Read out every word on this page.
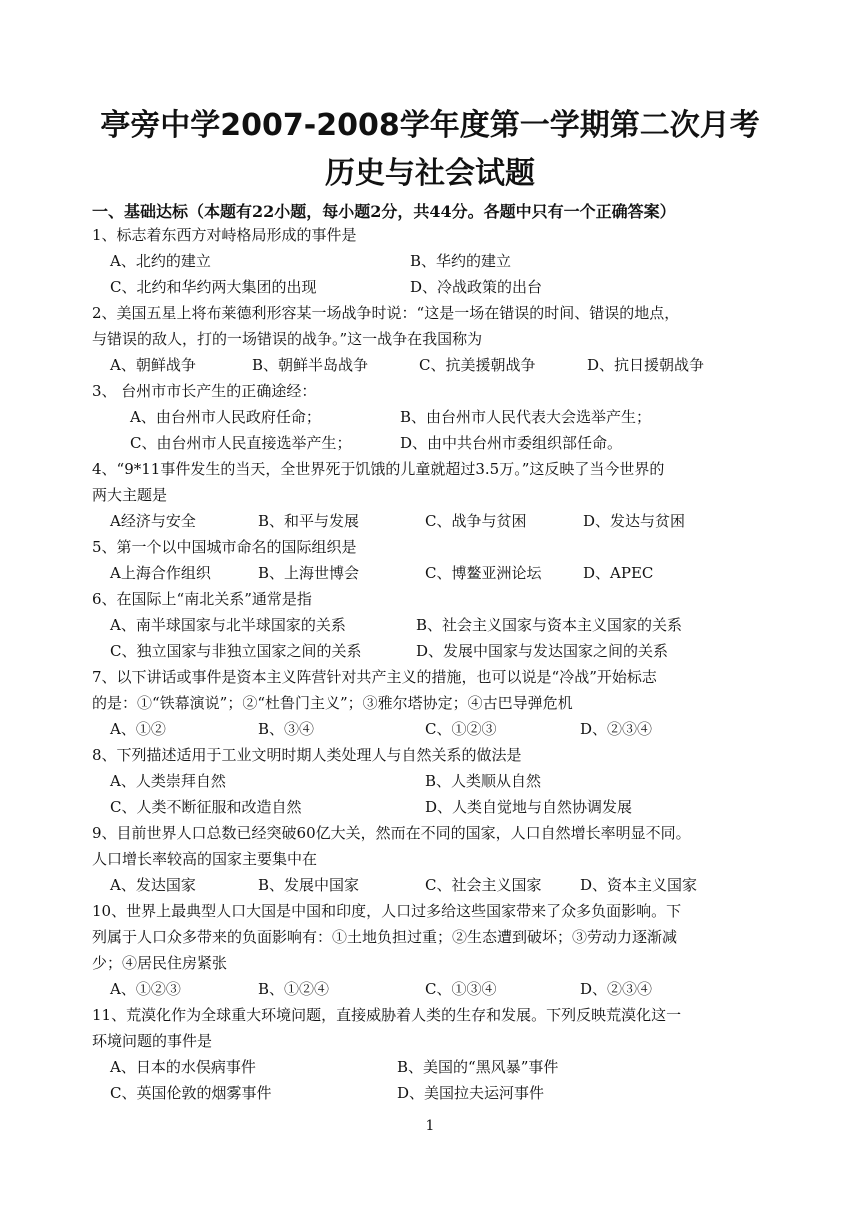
亭旁中学2007-2008学年度第一学期第二次月考
历史与社会试题
一、基础达标（本题有22小题，每小题2分，共44分。各题中只有一个正确答案）
1、标志着东西方对峙格局形成的事件是
A、北约的建立	B、华约的建立
C、北约和华约两大集团的出现	D、冷战政策的出台
2、美国五星上将布莱德利形容某一场战争时说：“这是一场在错误的时间、错误的地点，
与错误的敌人，打的一场错误的战争。”这一战争在我国称为
A、朝鲜战争	B、朝鲜半岛战争	C、抗美援朝战争	D、抗日援朝战争
3、 台州市市长产生的正确途经：
A、由台州市人民政府任命；	B、由台州市人民代表大会选举产生；
C、由台州市人民直接选举产生；	D、由中共台州市委组织部任命。
4、“9*11事件发生的当天，全世界死于饥饿的儿童就超过3.5万。”这反映了当今世界的
两大主题是
A经济与安全	B、和平与发展	C、战争与贫困	D、发达与贫困
5、第一个以中国城市命名的国际组织是
A上海合作组织	B、上海世博会	C、博鳌亚洲论坛	D、APEC
6、在国际上“南北关系”通常是指
A、南半球国家与北半球国家的关系	B、社会主义国家与资本主义国家的关系
C、独立国家与非独立国家之间的关系	D、发展中国家与发达国家之间的关系
7、以下讲话或事件是资本主义阵营针对共产主义的措施，也可以说是“冷战”开始标志
的是：①“铁幕演说”；②“杜鲁门主义”；③雅尔塔协定；④古巴导弹危机
A、①②	B、③④	C、①②③	D、②③④
8、下列描述适用于工业文明时期人类处理人与自然关系的做法是
A、人类崇拜自然	B、人类顺从自然
C、人类不断征服和改造自然	D、人类自觉地与自然协调发展
9、目前世界人口总数已经突破60亿大关，然而在不同的国家，人口自然增长率明显不同。
人口增长率较高的国家主要集中在
A、发达国家	B、发展中国家	C、社会主义国家	D、资本主义国家
10、世界上最典型人口大国是中国和印度，人口过多给这些国家带来了众多负面影响。下
列属于人口众多带来的负面影响有：①土地负担过重；②生态遭到破坏；③劳动力逐渐减
少；④居民住房紧张
A、①②③	B、①②④	C、①③④	D、②③④
11、荒漠化作为全球重大环境问题，直接威胁着人类的生存和发展。下列反映荒漠化这一
环境问题的事件是
A、日本的水俣病事件	B、美国的“黑风暴”事件
C、英国伦敦的烟雾事件	D、美国拉夫运河事件
1
